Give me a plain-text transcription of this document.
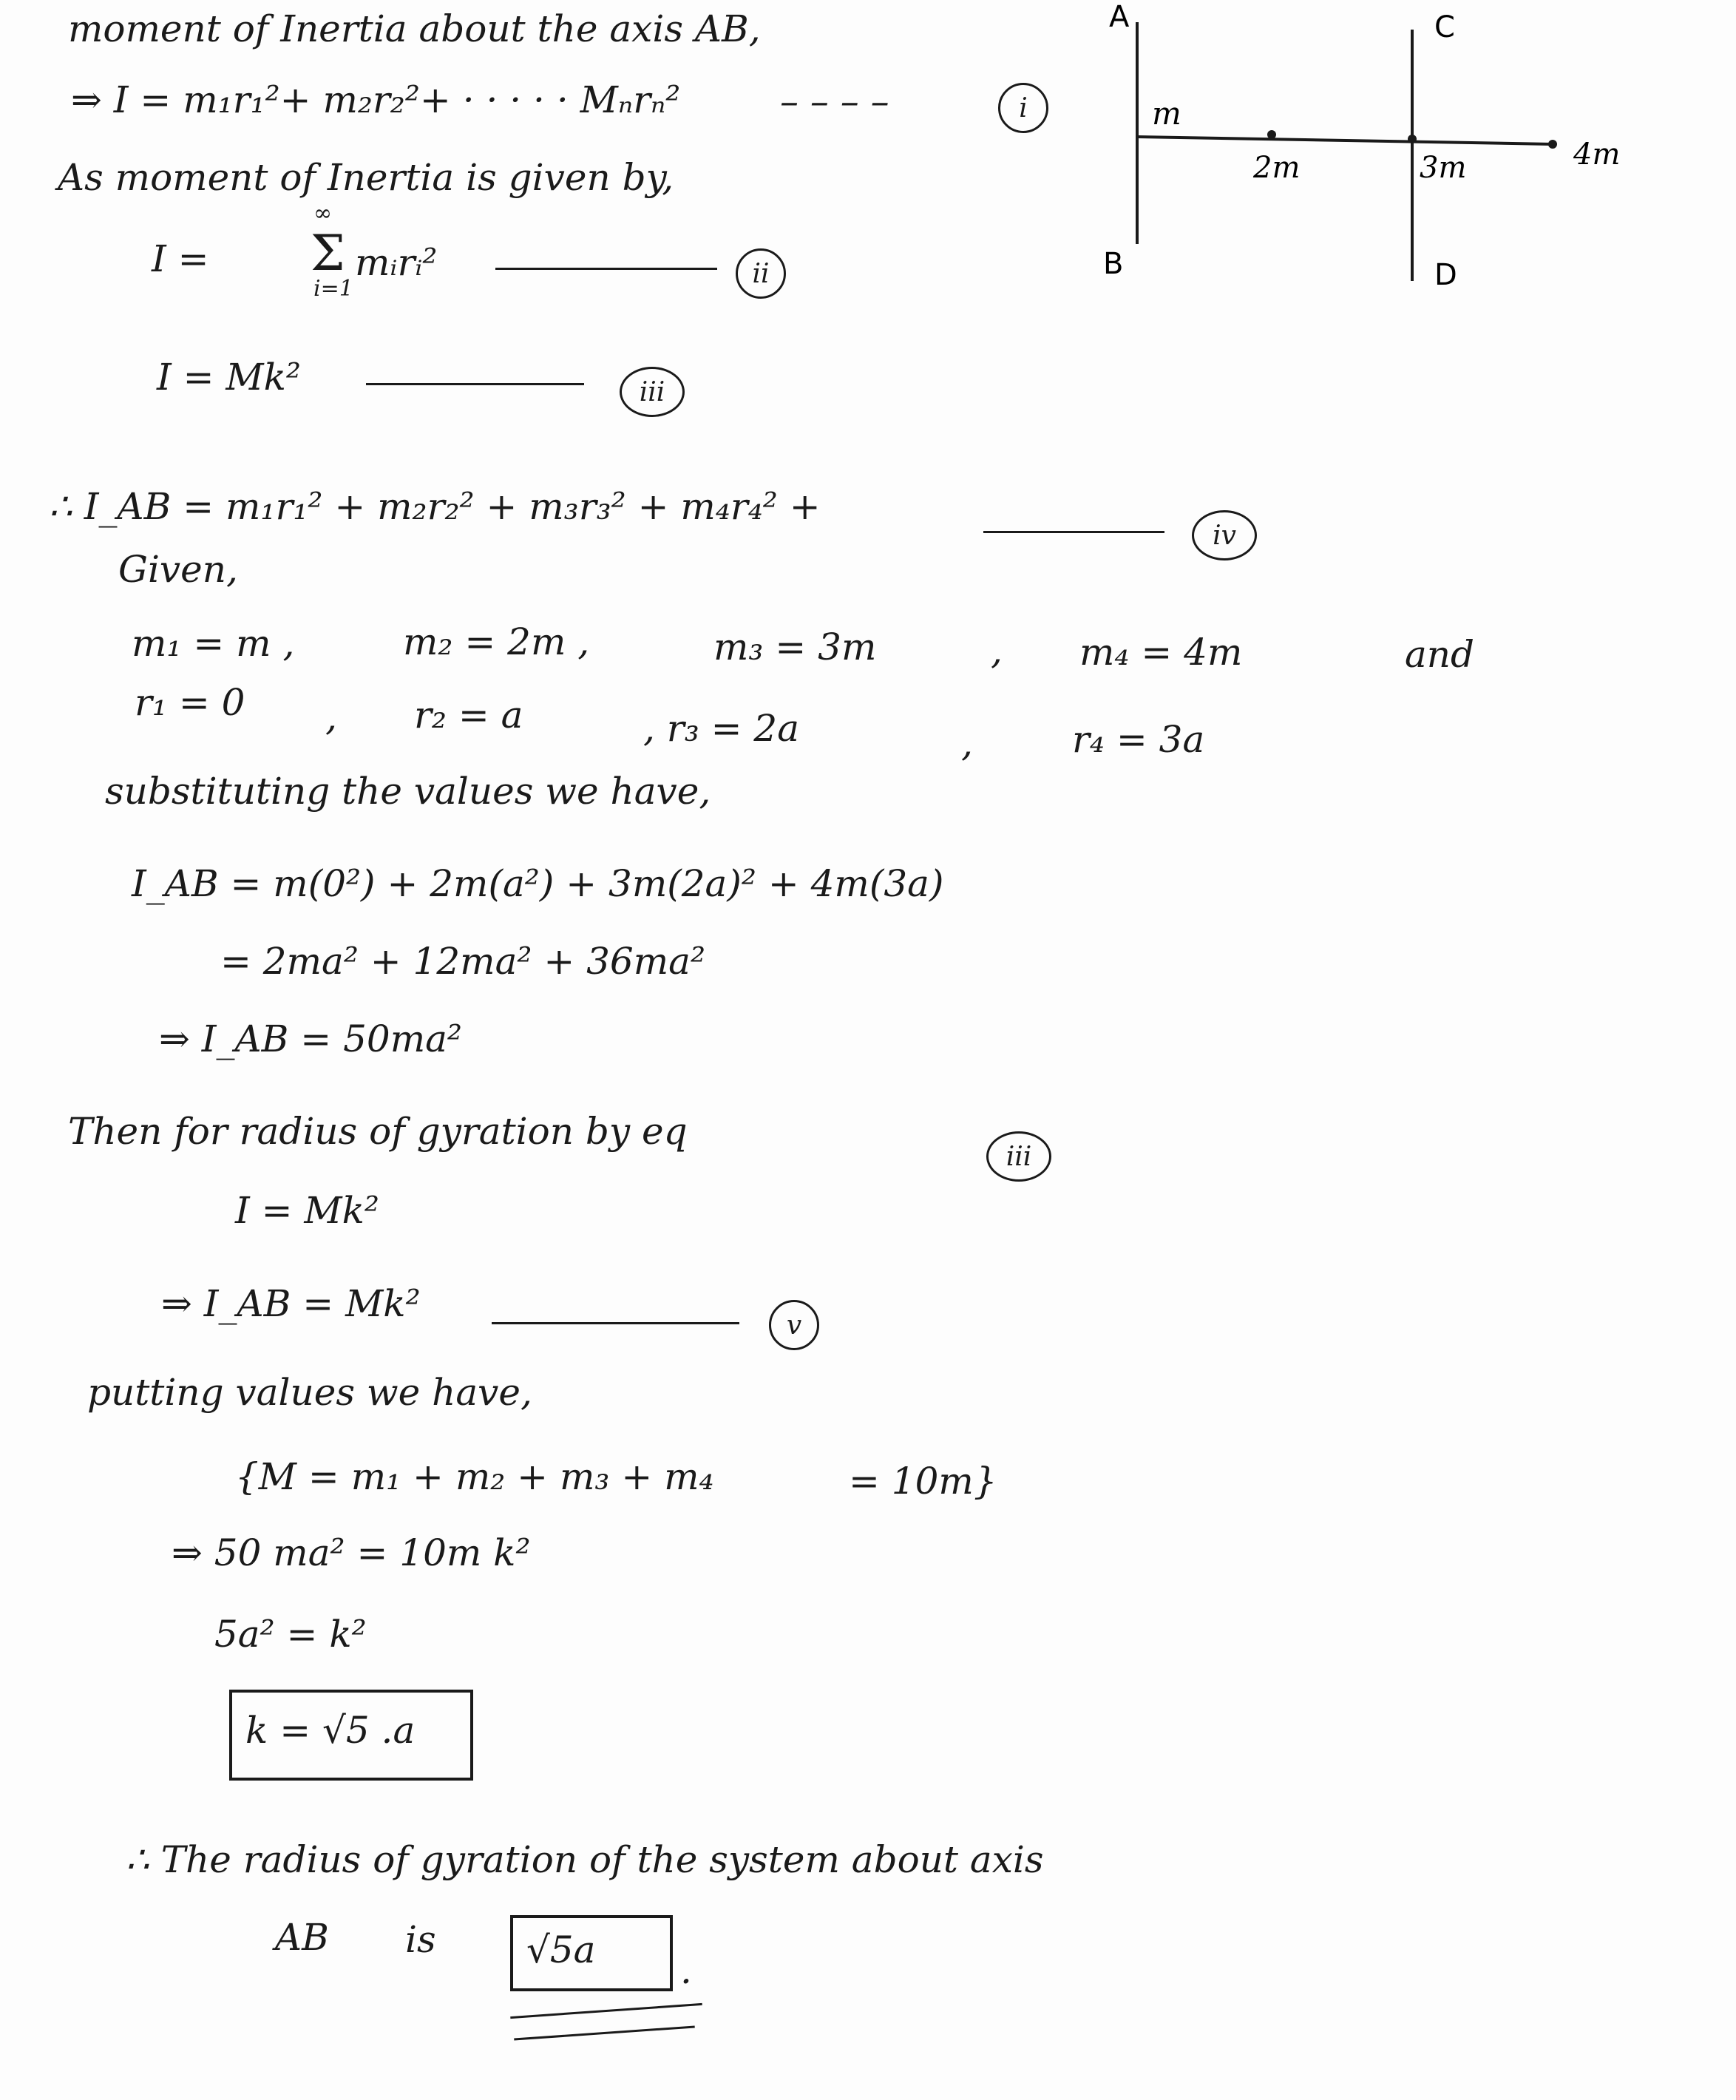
moment of Inertia about the axis AB,
⇒ I = m₁r₁²+ m₂r₂²+ · · · · · Mₙrₙ²	– – – –	i
As moment of Inertia is given by,
I =
∞
Σ
i=1
mᵢrᵢ²	ii
I = Mk²	iii
∴ I_AB = m₁r₁² + m₂r₂² + m₃r₃² + m₄r₄² +
iv
Given,
m₁ = m ,	m₂ = 2m ,	m₃ = 3m	, m₄ = 4m	and
r₁ = 0 , r₂ = a	, r₃ = 2a	,	r₄ = 3a
substituting the values we have,
I_AB = m(0²) + 2m(a²) + 3m(2a)² + 4m(3a)
= 2ma² + 12ma² + 36ma²
⇒ I_AB = 50ma²
Then for radius of gyration by eq
iii
I = Mk²
⇒ I_AB = Mk²	v
putting values we have,
{M = m₁ + m₂ + m₃ + m₄	= 10m}
⇒ 50 ma² = 10m k²
5a² = k²
k = √5 .a
∴ The radius of gyration of the system about axis
AB is √5a .
A
B
C
D
m
2m	3m	4m
